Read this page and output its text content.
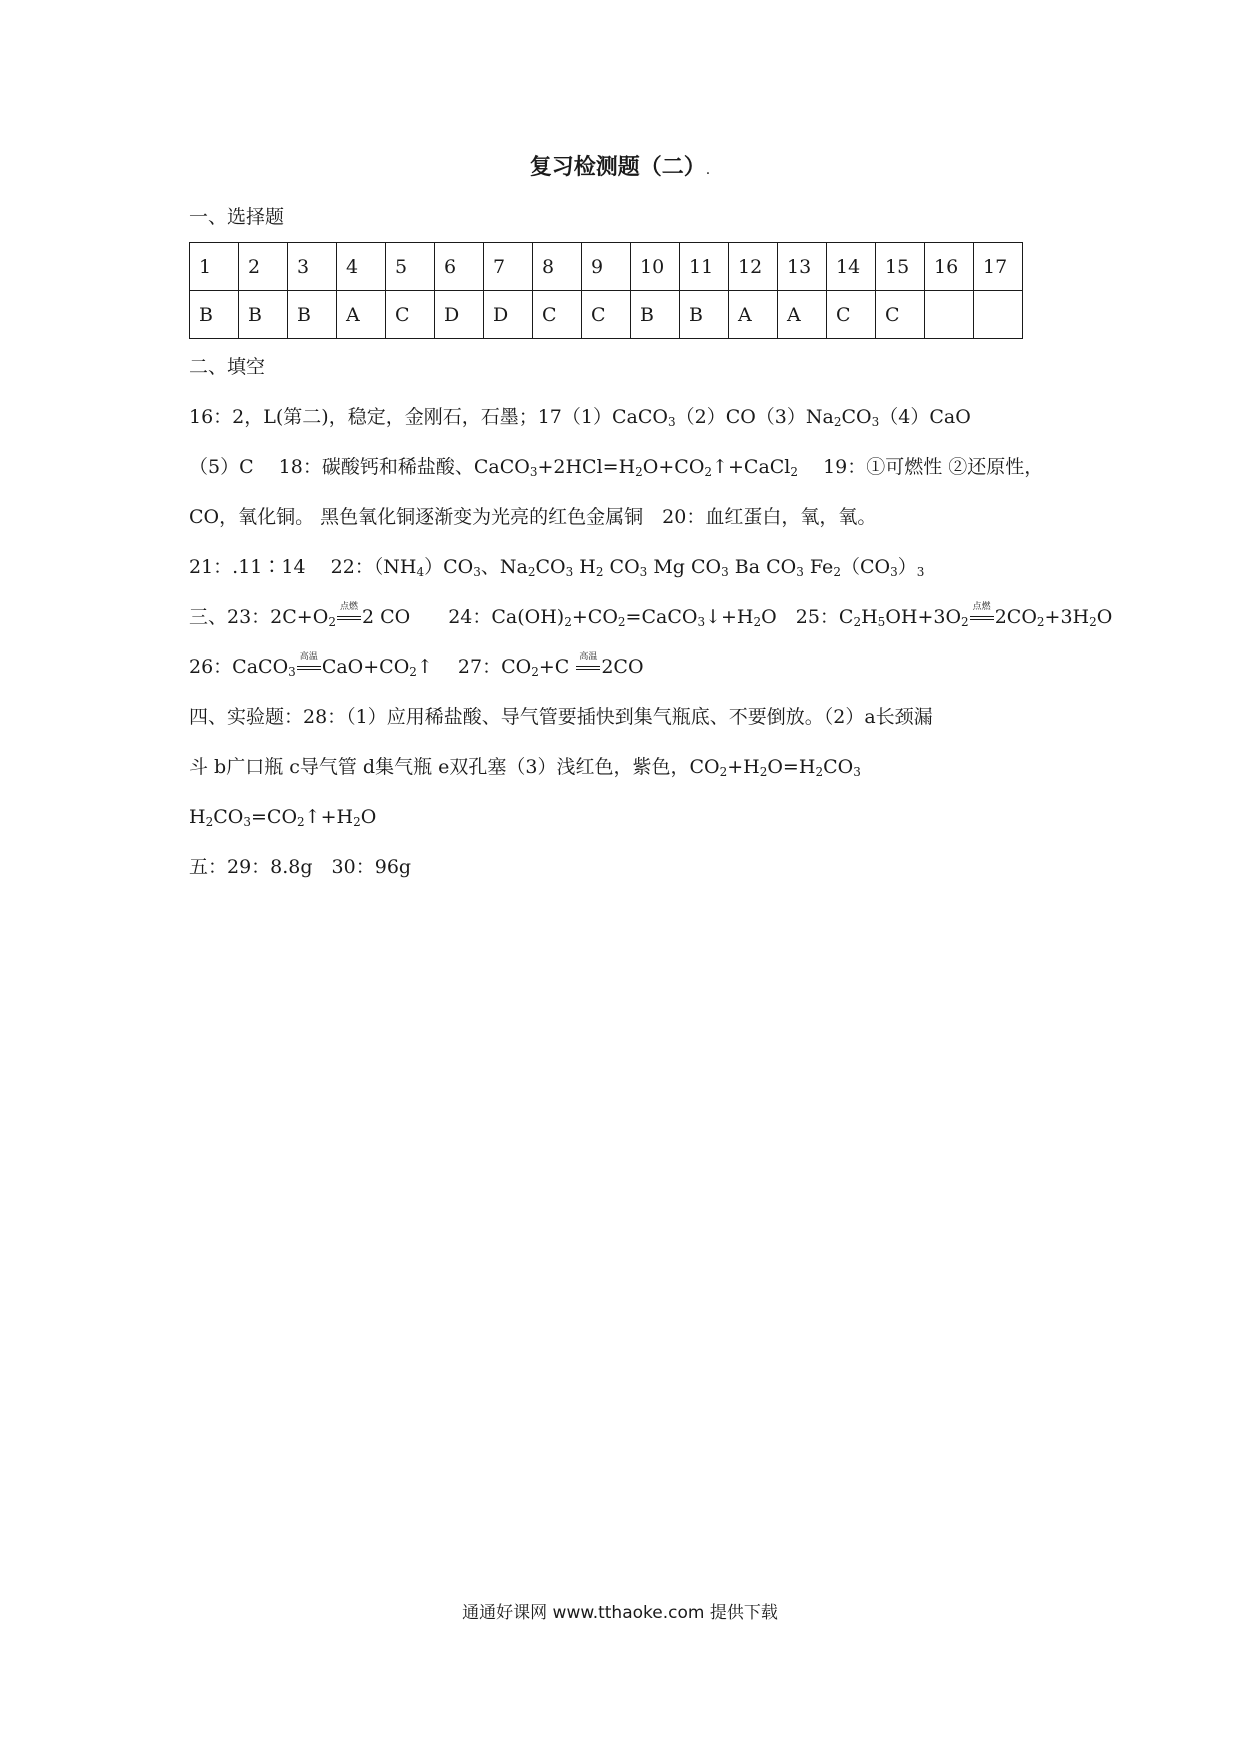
复习检测题（二）.
一、选择题
1	2	3	4	5	6	7	8	9	10	11	12	13	14	15	16	17
B	B	B	A	C	D	D	C	C	B	B	A	A	C	C		
二、填空
16：2，L(第二)，稳定，金刚石，石墨；$17(1)CaCO_3(2)CO(3)Na_2CO_3(4)CaO$
（5）C　 18：碳酸钙和稀盐酸、$CaCO_3+2HCl=H_2O+CO_2↑+CaCl_2$　 19：①可燃性 ②还原性，
CO，氧化铜。 黑色氧化铜逐渐变为光亮的红色金属铜　20：血红蛋白，氧，氧。
21：.11∶14　 22：$(NH_4)CO_3$、$Na_2CO_3$ $H_2$ $CO_3$ Mg $CO_3$ Ba $CO_3$ $Fe_2(CO_3)_3$
三、23：$2C+O_2$
点燃 2 CO　　24：$Ca(OH)_2+CO_2=CaCO_3↓+H_2O$　25：$C_2H_5OH+3O_2$
点燃 $2CO_2+3H_2O$
26：CaCO$_3$
高温 $CaO+CO_2↑$　 27：$CO_2+C$ 高温 2CO
四、实验题：28：（1）应用稀盐酸、导气管要插快到集气瓶底、不要倒放。（2）a长颈漏
斗 b广口瓶 c导气管 d集气瓶 e双孔塞（3）浅红色，紫色，$CO_2+H_2O=H_2CO_3$
$H_2CO_3=CO_2↑+H_2O$
五：29：8.8g　30：96g
通通好课网 www.tthaoke.com 提供下载
